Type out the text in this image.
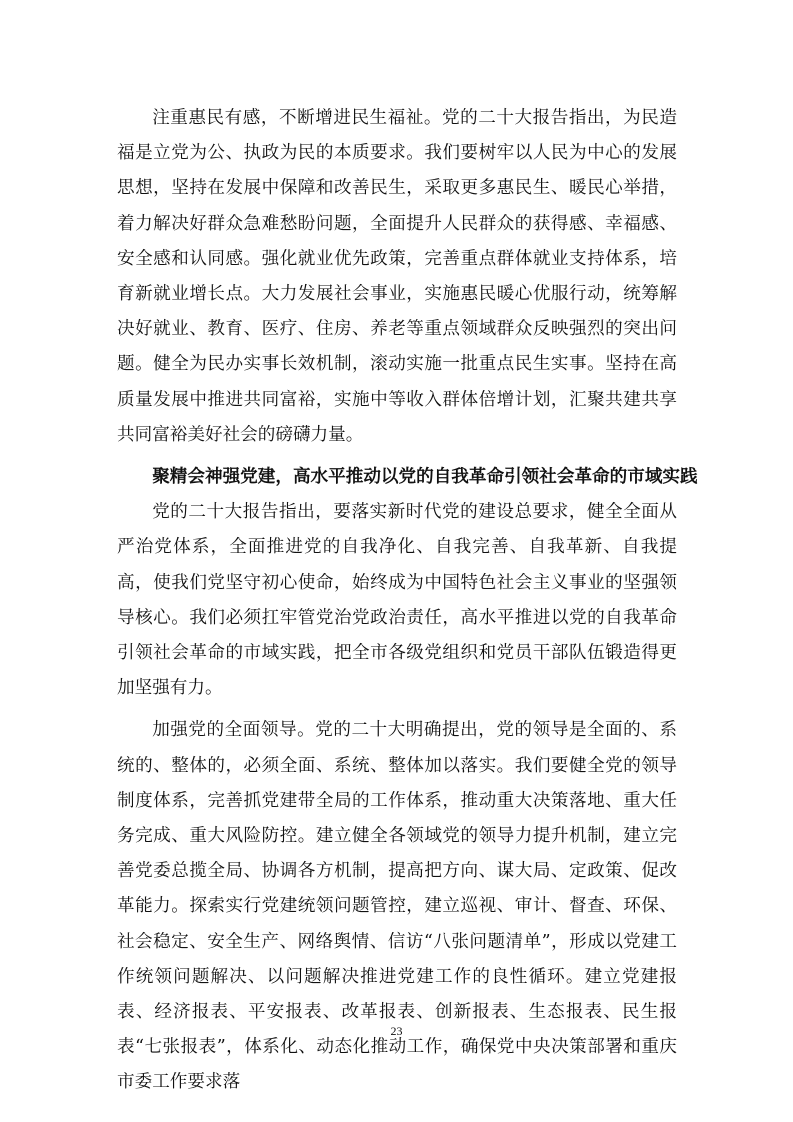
注重惠民有感，不断增进民生福祉。党的二十大报告指出，为民造福是立党为公、执政为民的本质要求。我们要树牢以人民为中心的发展思想，坚持在发展中保障和改善民生，采取更多惠民生、暖民心举措，着力解决好群众急难愁盼问题，全面提升人民群众的获得感、幸福感、安全感和认同感。强化就业优先政策，完善重点群体就业支持体系，培育新就业增长点。大力发展社会事业，实施惠民暖心优服行动，统筹解决好就业、教育、医疗、住房、养老等重点领域群众反映强烈的突出问题。健全为民办实事长效机制，滚动实施一批重点民生实事。坚持在高质量发展中推进共同富裕，实施中等收入群体倍增计划，汇聚共建共享共同富裕美好社会的磅礴力量。

聚精会神强党建，高水平推动以党的自我革命引领社会革命的市域实践

党的二十大报告指出，要落实新时代党的建设总要求，健全全面从严治党体系，全面推进党的自我净化、自我完善、自我革新、自我提高，使我们党坚守初心使命，始终成为中国特色社会主义事业的坚强领导核心。我们必须扛牢管党治党政治责任，高水平推进以党的自我革命引领社会革命的市域实践，把全市各级党组织和党员干部队伍锻造得更加坚强有力。

加强党的全面领导。党的二十大明确提出，党的领导是全面的、系统的、整体的，必须全面、系统、整体加以落实。我们要健全党的领导制度体系，完善抓党建带全局的工作体系，推动重大决策落地、重大任务完成、重大风险防控。建立健全各领域党的领导力提升机制，建立完善党委总揽全局、协调各方机制，提高把方向、谋大局、定政策、促改革能力。探索实行党建统领问题管控，建立巡视、审计、督查、环保、社会稳定、安全生产、网络舆情、信访“八张问题清单”，形成以党建工作统领问题解决、以问题解决推进党建工作的良性循环。建立党建报表、经济报表、平安报表、改革报表、创新报表、生态报表、民生报表“七张报表”，体系化、动态化推动工作，确保党中央决策部署和重庆市委工作要求落

23
